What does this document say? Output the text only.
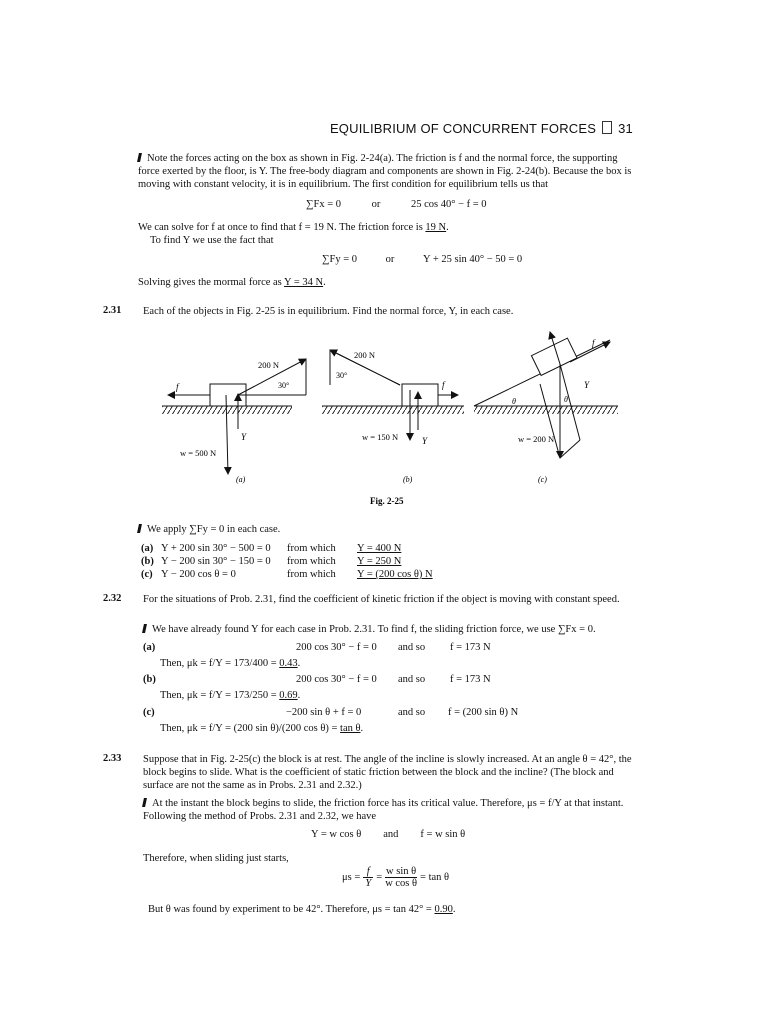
EQUILIBRIUM OF CONCURRENT FORCES 31
Note the forces acting on the box as shown in Fig. 2-24(a). The friction is f and the normal force, the supporting force exerted by the floor, is Y. The free-body diagram and components are shown in Fig. 2-24(b). Because the box is moving with constant velocity, it is in equilibrium. The first condition for equilibrium tells us that
∑Fx = 0	or	25 cos 40° − f = 0
We can solve for f at once to find that f = 19 N. The friction force is 19 N.
To find Y we use the fact that
∑Fy = 0	or	Y + 25 sin 40° − 50 = 0
Solving gives the mormal force as Y = 34 N.
2.31 Each of the objects in Fig. 2-25 is in equilibrium. Find the normal force, Y, in each case.
200 N
30°
f
Y
w = 500 N
(a)
200 N
30°
f
Y
w = 150 N
(b)
f
Y
θ	θ
w = 200 N
(c)
Fig. 2-25
We apply ∑Fy = 0 in each case.
(a) Y + 200 sin 30° − 500 = 0 from which Y = 400 N
(b) Y − 200 sin 30° − 150 = 0 from which Y = 250 N
(c) Y − 200 cos θ = 0	from which Y = (200 cos θ) N
2.32 For the situations of Prob. 2.31, find the coefficient of kinetic friction if the object is moving with constant speed.
We have already found Y for each case in Prob. 2.31. To find f, the sliding friction force, we use ∑Fx = 0.
(a)	200 cos 30° − f = 0 and so f = 173 N
Then, μk = f/Y = 173/400 = 0.43.
(b)	200 cos 30° − f = 0 and so f = 173 N
Then, μk = f/Y = 173/250 = 0.69.
(c)	−200 sin θ + f = 0	and so f = (200 sin θ) N
Then, μk = f/Y = (200 sin θ)/(200 cos θ) = tan θ.
2.33 Suppose that in Fig. 2-25(c) the block is at rest. The angle of the incline is slowly increased. At an angle θ = 42°, the block begins to slide. What is the coefficient of static friction between the block and the incline? (The block and surface are not the same as in Probs. 2.31 and 2.32.)
At the instant the block begins to slide, the friction force has its critical value. Therefore, μs = f/Y at that instant. Following the method of Probs. 2.31 and 2.32, we have
Y = w cos θ and f = w sin θ
Therefore, when sliding just starts,
$\mu s = \frac{f}{Y} = \frac{\text{w sin θ}}{\text{w cos θ}} = \tan \theta$
But θ was found by experiment to be 42°. Therefore, μs = tan 42° = 0.90.
